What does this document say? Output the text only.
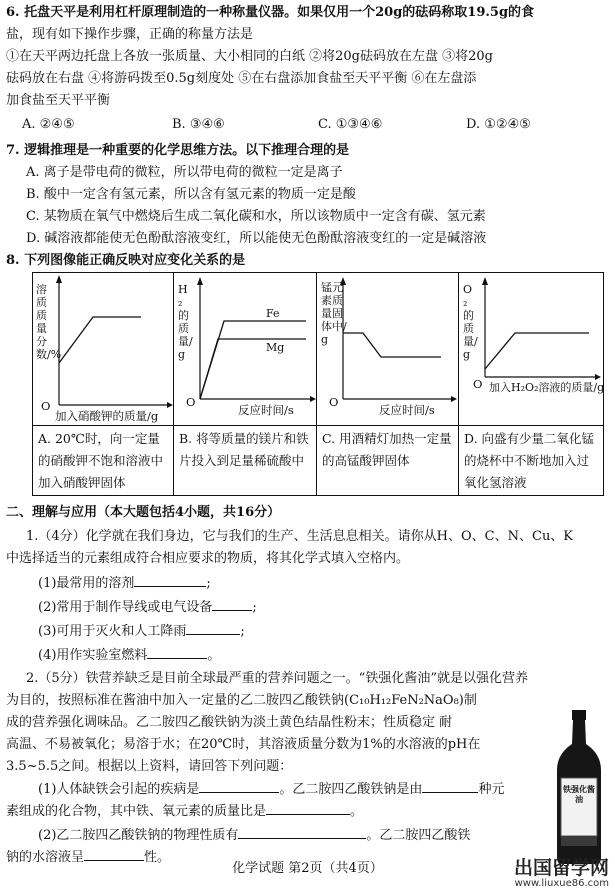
6. 托盘天平是利用杠杆原理制造的一种称量仪器。如果仅用一个20g的砝码称取19.5g的食
盐，现有如下操作步骤，正确的称量方法是
①在天平两边托盘上各放一张质量、大小相同的白纸 ②将20g砝码放在左盘 ③将20g
砝码放在右盘 ④将游码拨至0.5g刻度处 ⑤在右盘添加食盐至天平平衡 ⑥在左盘添
加食盐至天平平衡
A. ②④⑤	B. ③④⑥	C. ①③④⑥	D. ①②④⑤
7. 逻辑推理是一种重要的化学思维方法。以下推理合理的是
A. 离子是带电荷的微粒，所以带电荷的微粒一定是离子
B. 酸中一定含有氢元素，所以含有氢元素的物质一定是酸
C. 某物质在氧气中燃烧后生成二氧化碳和水，所以该物质中一定含有碳、氢元素
D. 碱溶液都能使无色酚酞溶液变红，所以能使无色酚酞溶液变红的一定是碱溶液
8. 下列图像能正确反映对应变化关系的是
溶质质量分数/%
O
加入硝酸钾的质量/g
A. 20℃时，向一定量的硝酸钾不饱和溶液中加入硝酸钾固体
H₂的质量/g
Fe
Mg
O
反应时间/s
B. 将等质量的镁片和铁片投入到足量稀硫酸中
锰元素质量固体中/g
O
反应时间/s
C. 用酒精灯加热一定量的高锰酸钾固体
O₂的质量/g
O 加入H₂O₂溶液的质量/g
D. 向盛有少量二氧化锰的烧杯中不断地加入过氧化氢溶液
二、理解与应用（本大题包括4小题，共16分）
1.（4分）化学就在我们身边，它与我们的生产、生活息息相关。请你从H、O、C、N、Cu、K
中选择适当的元素组成符合相应要求的物质，将其化学式填入空格内。
(1)最常用的溶剂	;
(2)常用于制作导线或电气设备	;
(3)可用于灭火和人工降雨	;
(4)用作实验室燃料	。
2.（5分）铁营养缺乏是目前全球最严重的营养问题之一。“铁强化酱油”就是以强化营养
为目的，按照标准在酱油中加入一定量的乙二胺四乙酸铁钠(C₁₀H₁₂FeN₂NaO₈)制
成的营养强化调味品。乙二胺四乙酸铁钠为淡土黄色结晶性粉末；性质稳定 耐
高温、不易被氧化；易溶于水；在20℃时，其溶液质量分数为1%的水溶液的pH在
3.5~5.5之间。根据以上资料，请回答下列问题：
(1)人体缺铁会引起的疾病是	。乙二胺四乙酸铁钠是由	种元
素组成的化合物，其中铁、氧元素的质量比是	。
(2)乙二胺四乙酸铁钠的物理性质有	。乙二胺四乙酸铁
钠的水溶液呈	性。
铁强化酱油
化学试题 第2页（共4页）	出国留学网
www.liuxue86.com
